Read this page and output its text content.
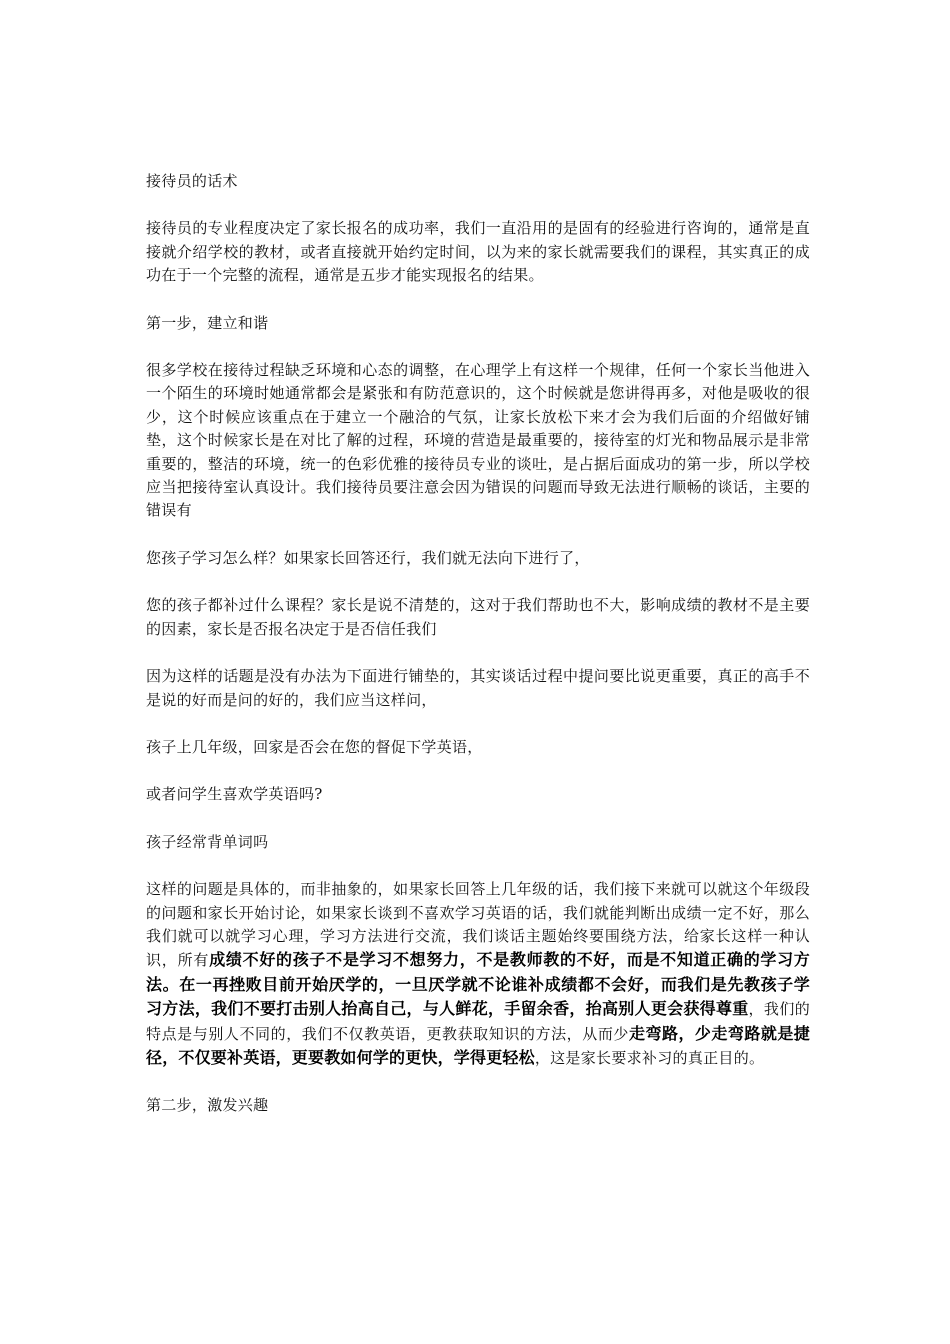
接待员的话术

接待员的专业程度决定了家长报名的成功率，我们一直沿用的是固有的经验进行咨询的，通常是直接就介绍学校的教材，或者直接就开始约定时间，以为来的家长就需要我们的课程，其实真正的成功在于一个完整的流程，通常是五步才能实现报名的结果。

第一步，建立和谐

很多学校在接待过程缺乏环境和心态的调整，在心理学上有这样一个规律，任何一个家长当他进入一个陌生的环境时她通常都会是紧张和有防范意识的，这个时候就是您讲得再多，对他是吸收的很少，这个时候应该重点在于建立一个融洽的气氛，让家长放松下来才会为我们后面的介绍做好铺垫，这个时候家长是在对比了解的过程，环境的营造是最重要的，接待室的灯光和物品展示是非常重要的，整洁的环境，统一的色彩优雅的接待员专业的谈吐，是占据后面成功的第一步，所以学校应当把接待室认真设计。我们接待员要注意会因为错误的问题而导致无法进行顺畅的谈话，主要的错误有

您孩子学习怎么样？如果家长回答还行，我们就无法向下进行了，

您的孩子都补过什么课程？家长是说不清楚的，这对于我们帮助也不大，影响成绩的教材不是主要的因素，家长是否报名决定于是否信任我们

因为这样的话题是没有办法为下面进行铺垫的，其实谈话过程中提问要比说更重要，真正的高手不是说的好而是问的好的，我们应当这样问，

孩子上几年级，回家是否会在您的督促下学英语，

或者问学生喜欢学英语吗?

孩子经常背单词吗

这样的问题是具体的，而非抽象的，如果家长回答上几年级的话，我们接下来就可以就这个年级段的问题和家长开始讨论，如果家长谈到不喜欢学习英语的话，我们就能判断出成绩一定不好，那么我们就可以就学习心理，学习方法进行交流，我们谈话主题始终要围绕方法，给家长这样一种认识，所有成绩不好的孩子不是学习不想努力，不是教师教的不好，而是不知道正确的学习方法。在一再挫败目前开始厌学的，一旦厌学就不论谁补成绩都不会好，而我们是先教孩子学习方法，我们不要打击别人抬高自己，与人鲜花，手留余香，抬高别人更会获得尊重，我们的特点是与别人不同的，我们不仅教英语，更教获取知识的方法，从而少走弯路，少走弯路就是捷径，不仅要补英语，更要教如何学的更快，学得更轻松，这是家长要求补习的真正目的。

第二步，激发兴趣
